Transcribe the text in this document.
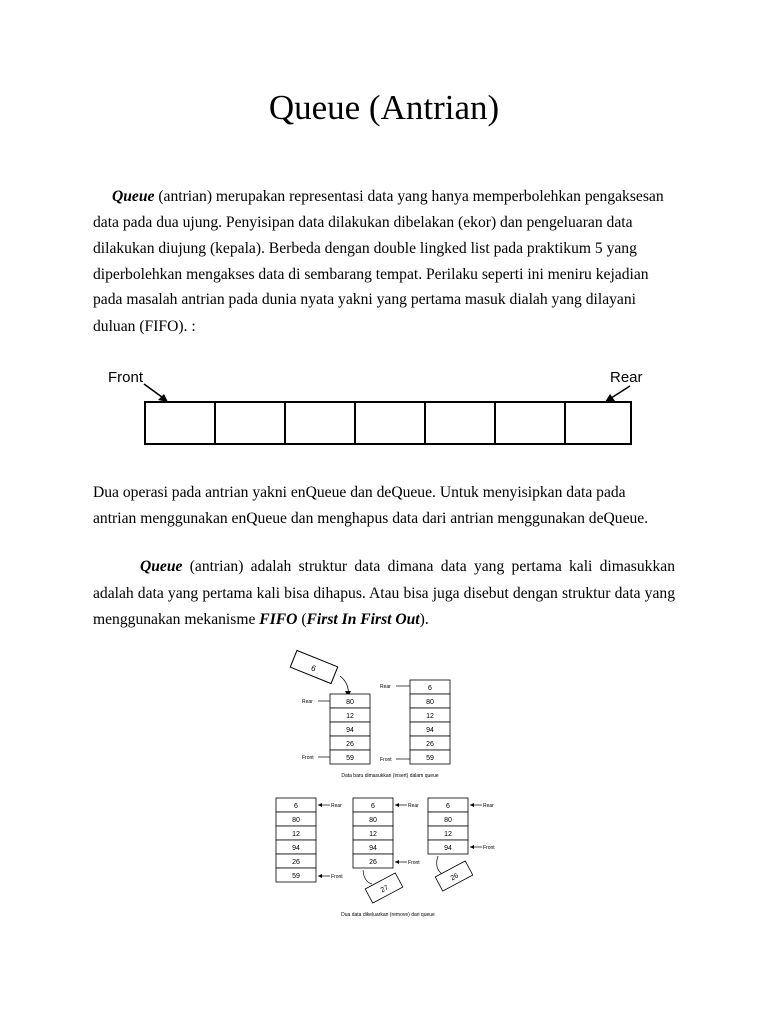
Queue (Antrian)
Queue (antrian) merupakan representasi data yang hanya memperbolehkan pengaksesan
data pada dua ujung. Penyisipan data dilakukan dibelakan (ekor) dan pengeluaran data
dilakukan diujung (kepala). Berbeda dengan double lingked list pada praktikum 5 yang
diperbolehkan mengakses data di sembarang tempat. Perilaku seperti ini meniru kejadian
pada masalah antrian pada dunia nyata yakni yang pertama masuk dialah yang dilayani
duluan (FIFO). :
Front	Rear
Dua operasi pada antrian yakni enQueue dan deQueue. Untuk menyisipkan data pada
antrian menggunakan enQueue dan menghapus data dari antrian menggunakan deQueue.
Queue (antrian) adalah struktur data dimana data yang pertama kali dimasukkan
adalah data yang pertama kali bisa dihapus. Atau bisa juga disebut dengan struktur data yang
menggunakan mekanisme FIFO (First In First Out).
6
Rear
Front
80
12
94
26
59
Rear
Front
6
80
12
94
26
59
Data baru dimasukkan (insert) dalam queue
6
80
12
94
26
59
Rear
Front
6
80
12
94
26
Rear
Front
27
6
80
12
94
Rear
Front
26
Dua data dikeluarkan (remove) dari queue
